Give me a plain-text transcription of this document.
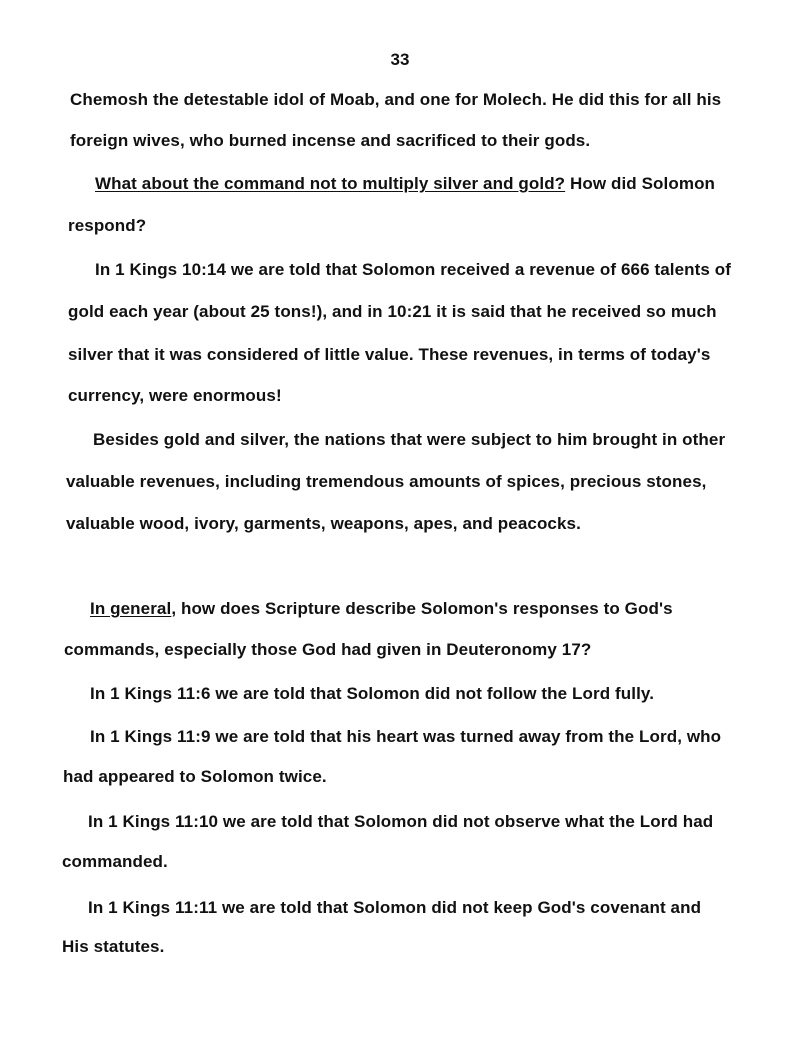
33
Chemosh the detestable idol of Moab, and one for Molech. He did this for all his
foreign wives, who burned incense and sacrificed to their gods.
What about the command not to multiply silver and gold? How did Solomon
respond?
In 1 Kings 10:14 we are told that Solomon received a revenue of 666 talents of
gold each year (about 25 tons!), and in 10:21 it is said that he received so much
silver that it was considered of little value. These revenues, in terms of today's
currency, were enormous!
Besides gold and silver, the nations that were subject to him brought in other
valuable revenues, including tremendous amounts of spices, precious stones,
valuable wood, ivory, garments, weapons, apes, and peacocks.
In general, how does Scripture describe Solomon's responses to God's
commands, especially those God had given in Deuteronomy 17?
In 1 Kings 11:6 we are told that Solomon did not follow the Lord fully.
In 1 Kings 11:9 we are told that his heart was turned away from the Lord, who
had appeared to Solomon twice.
In 1 Kings 11:10 we are told that Solomon did not observe what the Lord had
commanded.
In 1 Kings 11:11 we are told that Solomon did not keep God's covenant and
His statutes.
